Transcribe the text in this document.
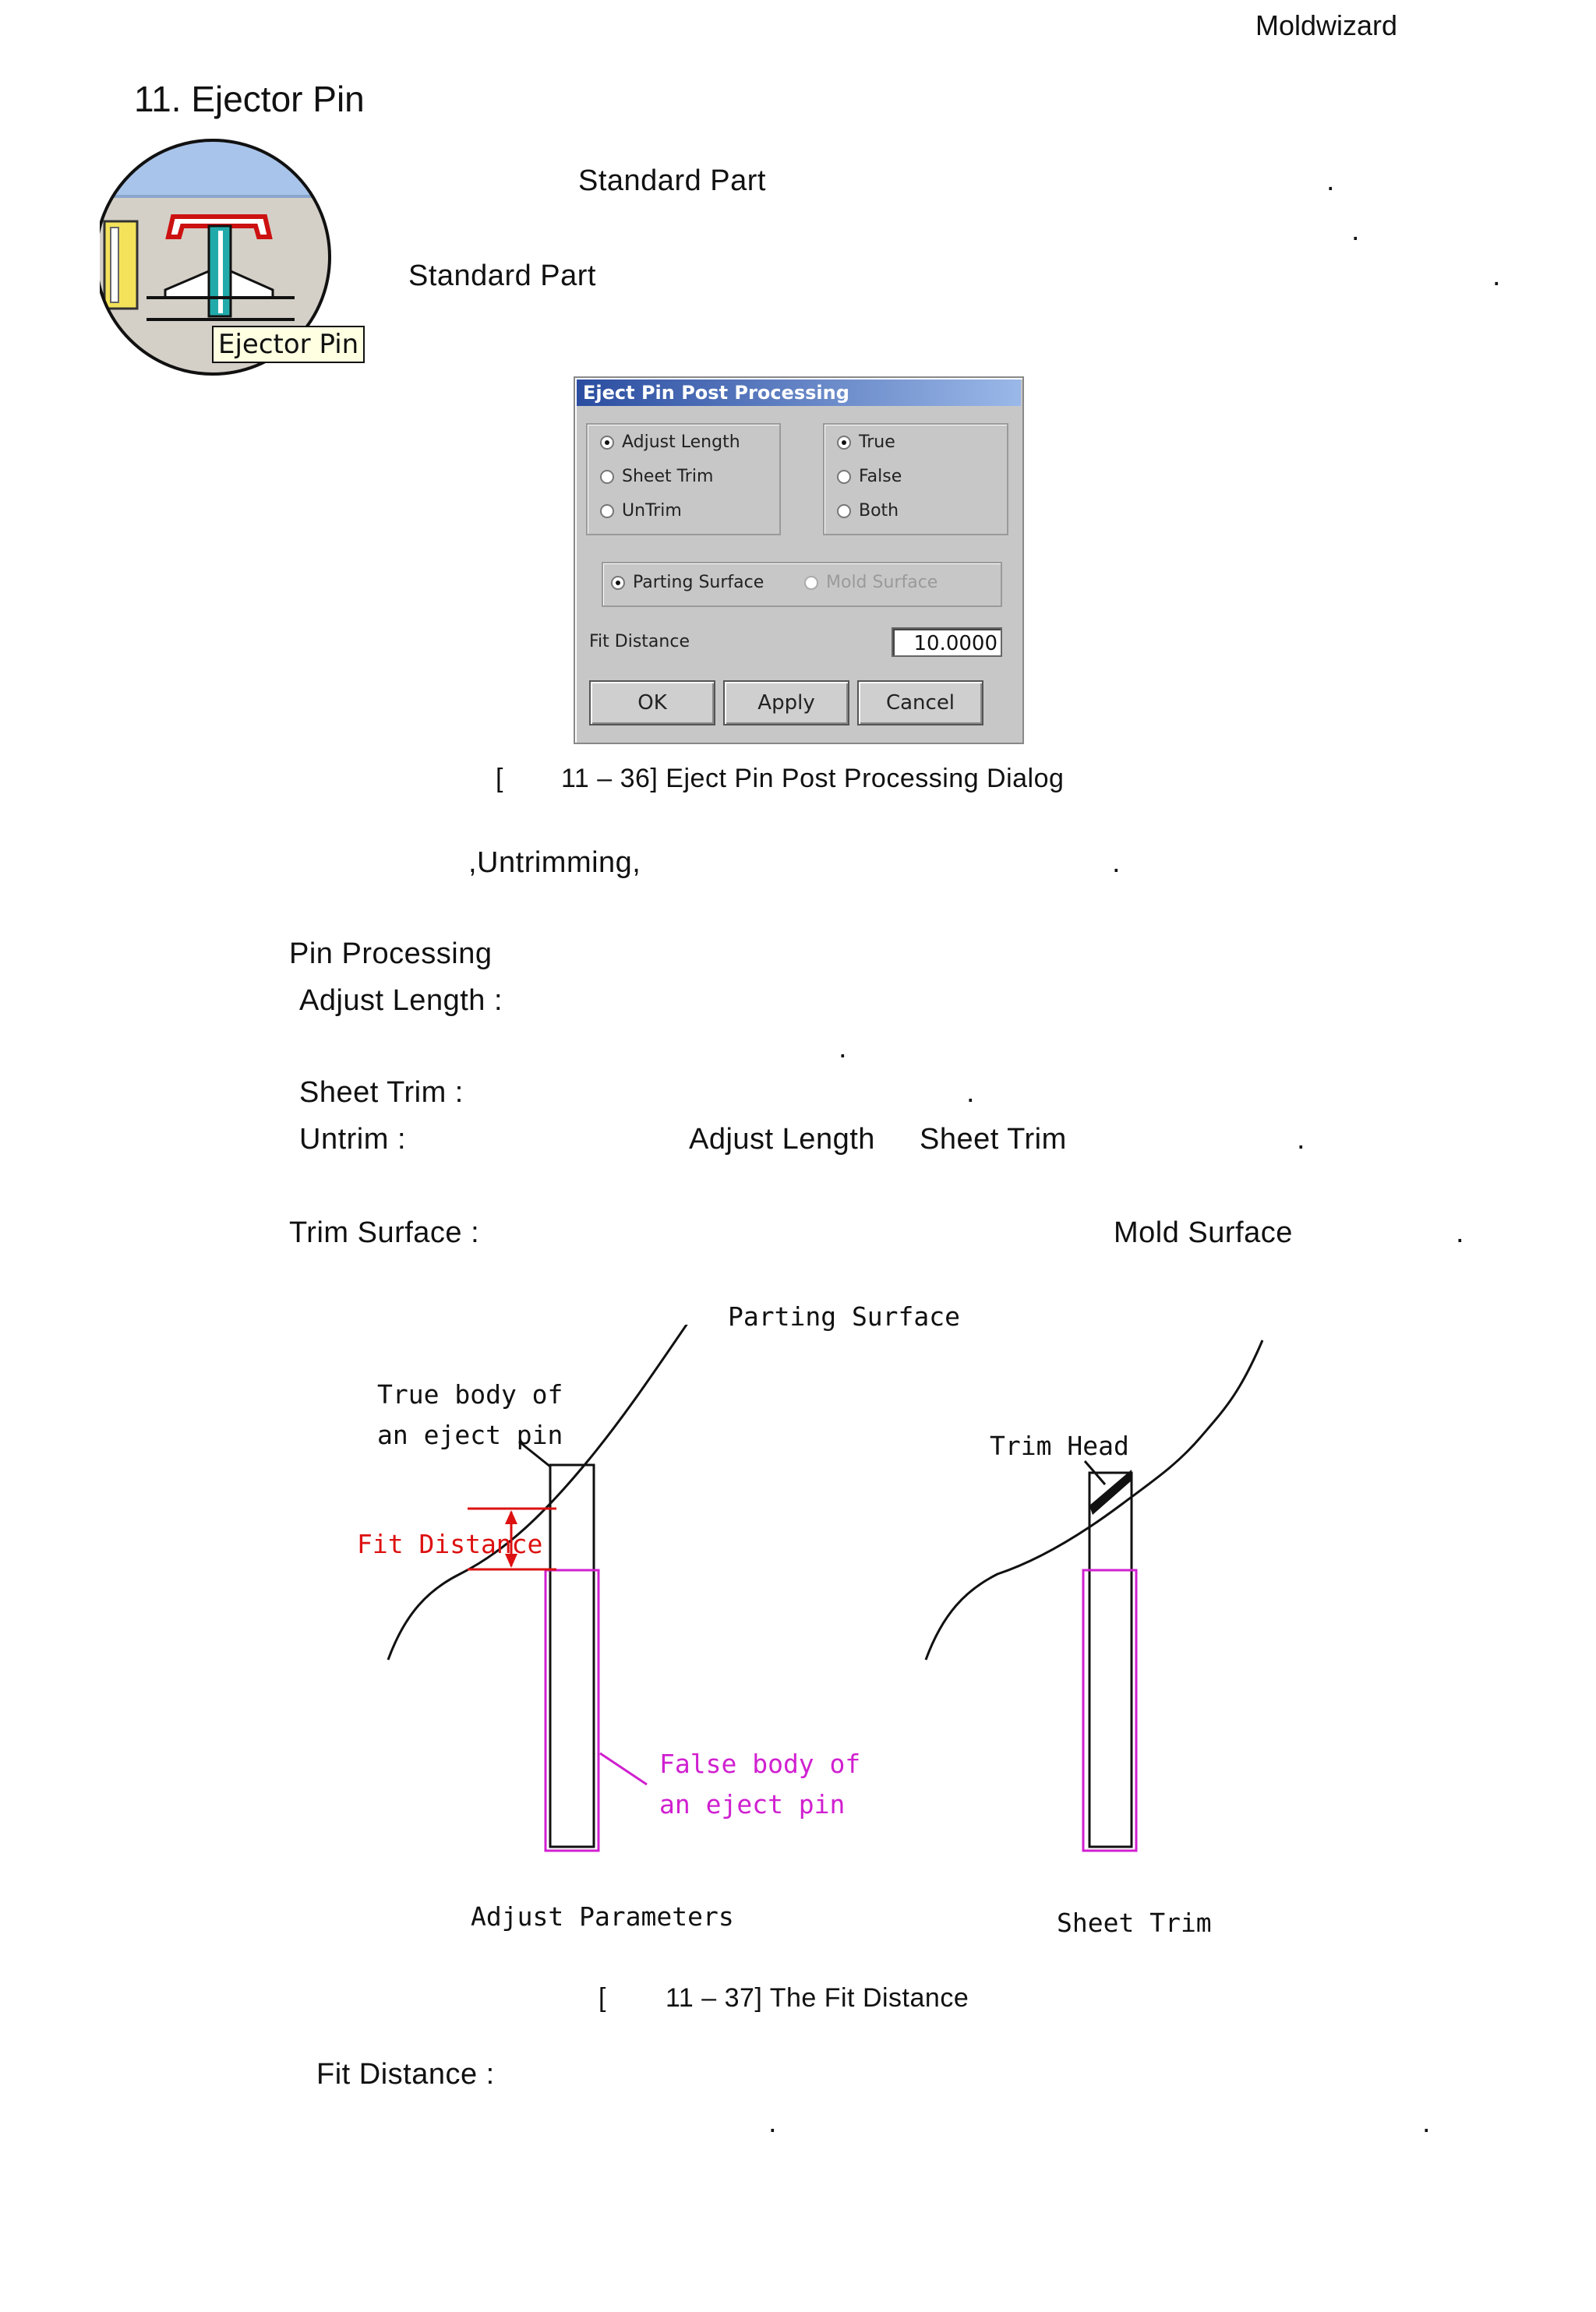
Moldwizard
11. Ejector Pin
Ejector Pin
Standard Part	.
.
Standard Part	.
Eject Pin Post Processing
Adjust Length
Sheet Trim
UnTrim
True
False
Both
Parting Surface	Mold Surface
Fit Distance	10.0000
OK	Apply	Cancel
[ 11 – 36] Eject Pin Post Processing Dialog
,Untrimming,	.
Pin Processing
Adjust Length :
.
Sheet Trim :	.
Untrim :	Adjust Length Sheet Trim	.
Trim Surface :	Mold Surface	.
Parting Surface
True body of
an eject pin
Fit Distance
False body of
an eject pin
Trim Head
Adjust Parameters	Sheet Trim
[ 11 – 37] The Fit Distance
Fit Distance :
.	.
